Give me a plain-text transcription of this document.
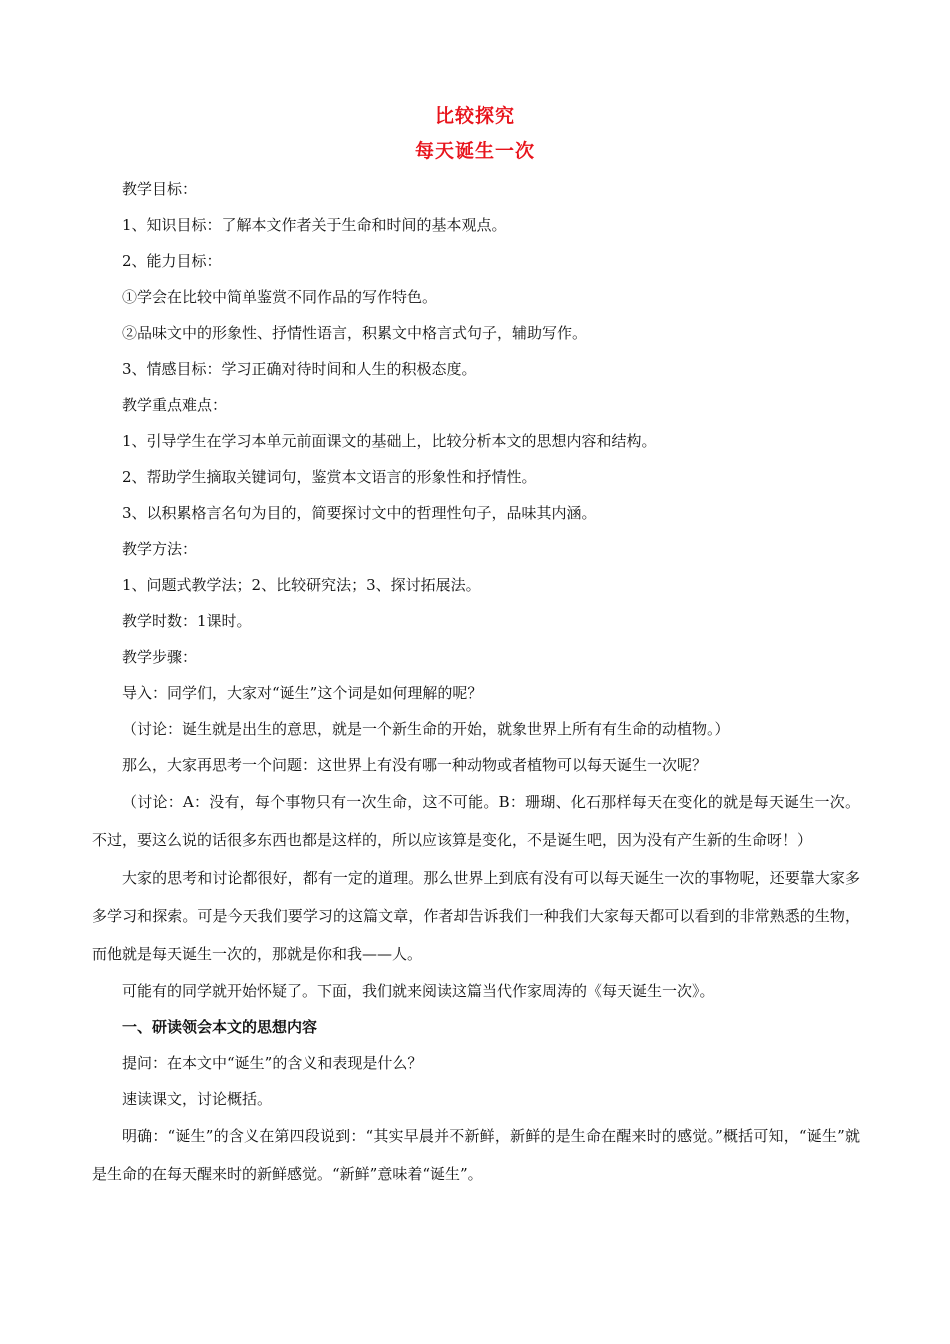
比较探究
每天诞生一次

教学目标：

1、知识目标：了解本文作者关于生命和时间的基本观点。

2、能力目标：

①学会在比较中简单鉴赏不同作品的写作特色。

②品味文中的形象性、抒情性语言，积累文中格言式句子，辅助写作。

3、情感目标：学习正确对待时间和人生的积极态度。

教学重点难点：

1、引导学生在学习本单元前面课文的基础上，比较分析本文的思想内容和结构。

2、帮助学生摘取关键词句，鉴赏本文语言的形象性和抒情性。

3、以积累格言名句为目的，简要探讨文中的哲理性句子，品味其内涵。

教学方法：

1、问题式教学法；2、比较研究法；3、探讨拓展法。

教学时数：1课时。

教学步骤：

导入：同学们，大家对“诞生”这个词是如何理解的呢？

（讨论：诞生就是出生的意思，就是一个新生命的开始，就象世界上所有有生命的动植物。）

那么，大家再思考一个问题：这世界上有没有哪一种动物或者植物可以每天诞生一次呢？

（讨论：A：没有，每个事物只有一次生命，这不可能。B：珊瑚、化石那样每天在变化的就是每天诞生一次。不过，要这么说的话很多东西也都是这样的，所以应该算是变化，不是诞生吧，因为没有产生新的生命呀！）

大家的思考和讨论都很好，都有一定的道理。那么世界上到底有没有可以每天诞生一次的事物呢，还要靠大家多多学习和探索。可是今天我们要学习的这篇文章，作者却告诉我们一种我们大家每天都可以看到的非常熟悉的生物，而他就是每天诞生一次的，那就是你和我——人。

可能有的同学就开始怀疑了。下面，我们就来阅读这篇当代作家周涛的《每天诞生一次》。

一、研读领会本文的思想内容

提问：在本文中“诞生”的含义和表现是什么？

速读课文，讨论概括。

明确：“诞生”的含义在第四段说到：“其实早晨并不新鲜，新鲜的是生命在醒来时的感觉。”概括可知，“诞生”就是生命的在每天醒来时的新鲜感觉。“新鲜”意味着“诞生”。
